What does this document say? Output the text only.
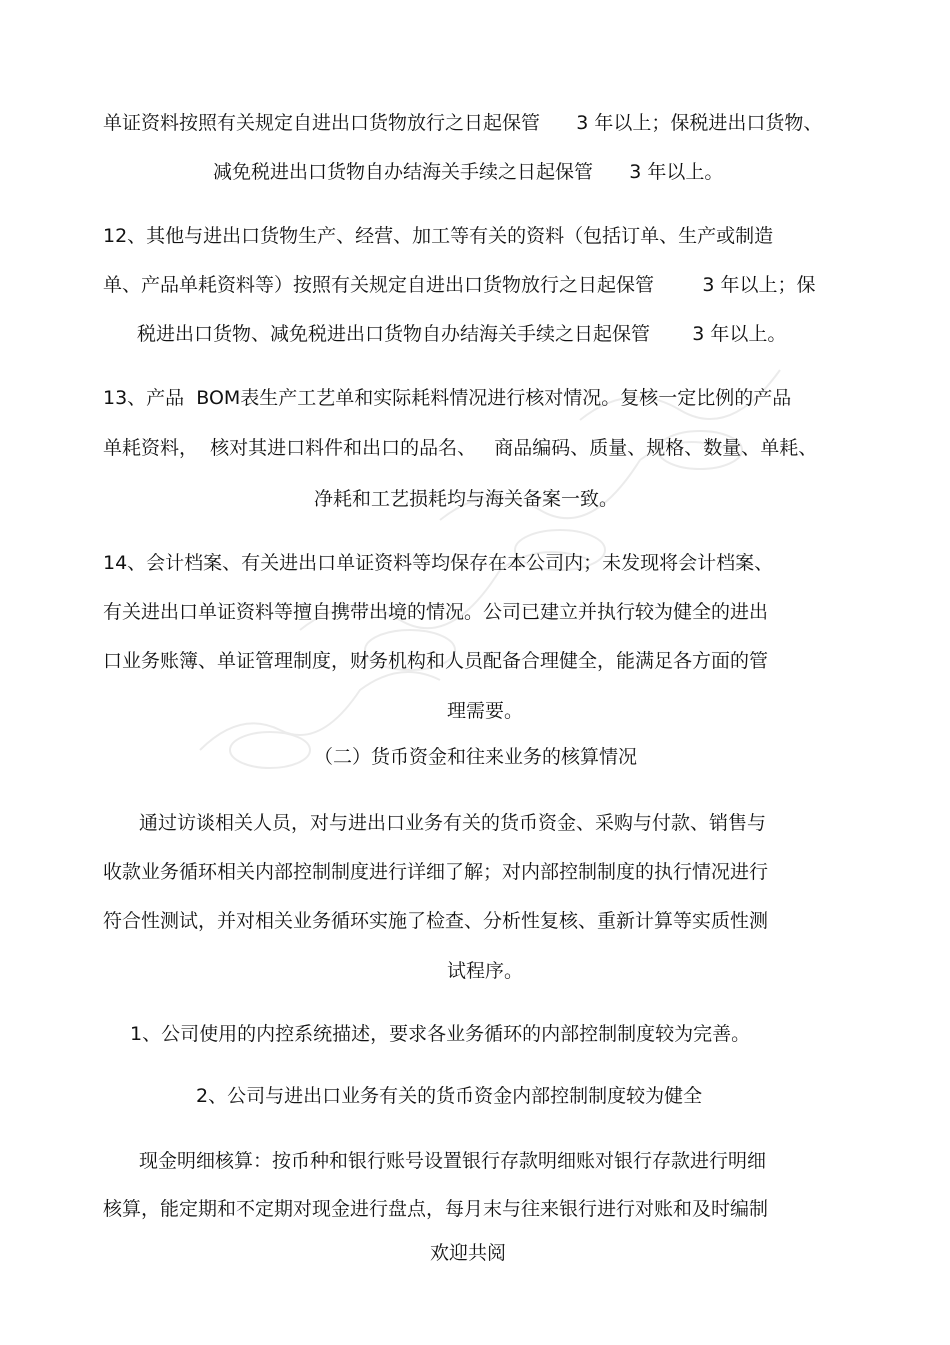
单证资料按照有关规定自进出口货物放行之日起保管      3 年以上；保税进出口货物、
减免税进出口货物自办结海关手续之日起保管      3 年以上。
12、其他与进出口货物生产、经营、加工等有关的资料（包括订单、生产或制造
单、产品单耗资料等）按照有关规定自进出口货物放行之日起保管        3 年以上；保
税进出口货物、减免税进出口货物自办结海关手续之日起保管       3 年以上。
13、产品  BOM表生产工艺单和实际耗料情况进行核对情况。复核一定比例的产品
单耗资料，  核对其进口料件和出口的品名、   商品编码、质量、规格、数量、单耗、
净耗和工艺损耗均与海关备案一致。
14、会计档案、有关进出口单证资料等均保存在本公司内；未发现将会计档案、
有关进出口单证资料等擅自携带出境的情况。公司已建立并执行较为健全的进出
口业务账簿、单证管理制度，财务机构和人员配备合理健全，能满足各方面的管
理需要。
（二）货币资金和往来业务的核算情况
通过访谈相关人员，对与进出口业务有关的货币资金、采购与付款、销售与
收款业务循环相关内部控制制度进行详细了解；对内部控制制度的执行情况进行
符合性测试，并对相关业务循环实施了检查、分析性复核、重新计算等实质性测
试程序。
1、公司使用的内控系统描述，要求各业务循环的内部控制制度较为完善。
2、公司与进出口业务有关的货币资金内部控制制度较为健全
现金明细核算：按币种和银行账号设置银行存款明细账对银行存款进行明细
核算，能定期和不定期对现金进行盘点，每月末与往来银行进行对账和及时编制
欢迎共阅
